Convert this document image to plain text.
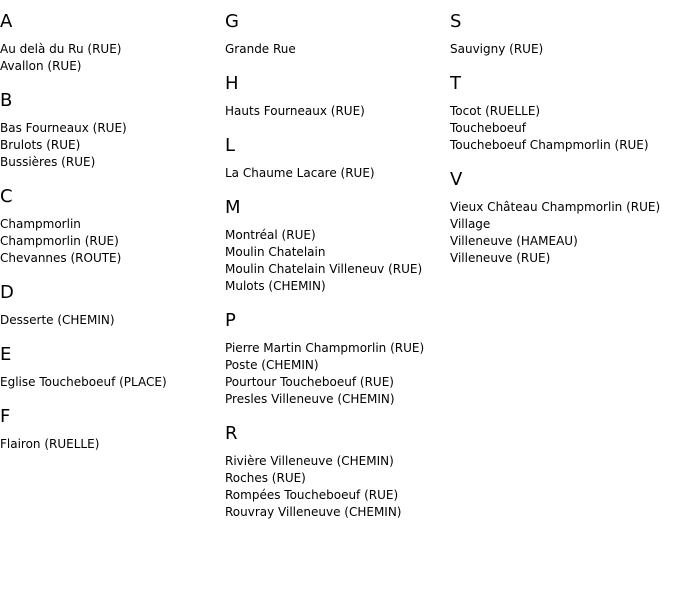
A
Au delà du Ru (RUE)
Avallon (RUE)
B
Bas Fourneaux (RUE)
Brulots (RUE)
Bussières (RUE)
C
Champmorlin
Champmorlin (RUE)
Chevannes (ROUTE)
D
Desserte (CHEMIN)
E
Eglise Toucheboeuf (PLACE)
F
Flairon (RUELLE)
G
Grande Rue
H
Hauts Fourneaux (RUE)
L
La Chaume Lacare (RUE)
M
Montréal (RUE)
Moulin Chatelain
Moulin Chatelain Villeneuv (RUE)
Mulots (CHEMIN)
P
Pierre Martin Champmorlin (RUE)
Poste (CHEMIN)
Pourtour Toucheboeuf (RUE)
Presles Villeneuve (CHEMIN)
R
Rivière Villeneuve (CHEMIN)
Roches (RUE)
Rompées Toucheboeuf (RUE)
Rouvray Villeneuve (CHEMIN)
S
Sauvigny (RUE)
T
Tocot (RUELLE)
Toucheboeuf
Toucheboeuf Champmorlin (RUE)
V
Vieux Château Champmorlin (RUE)
Village
Villeneuve (HAMEAU)
Villeneuve (RUE)
